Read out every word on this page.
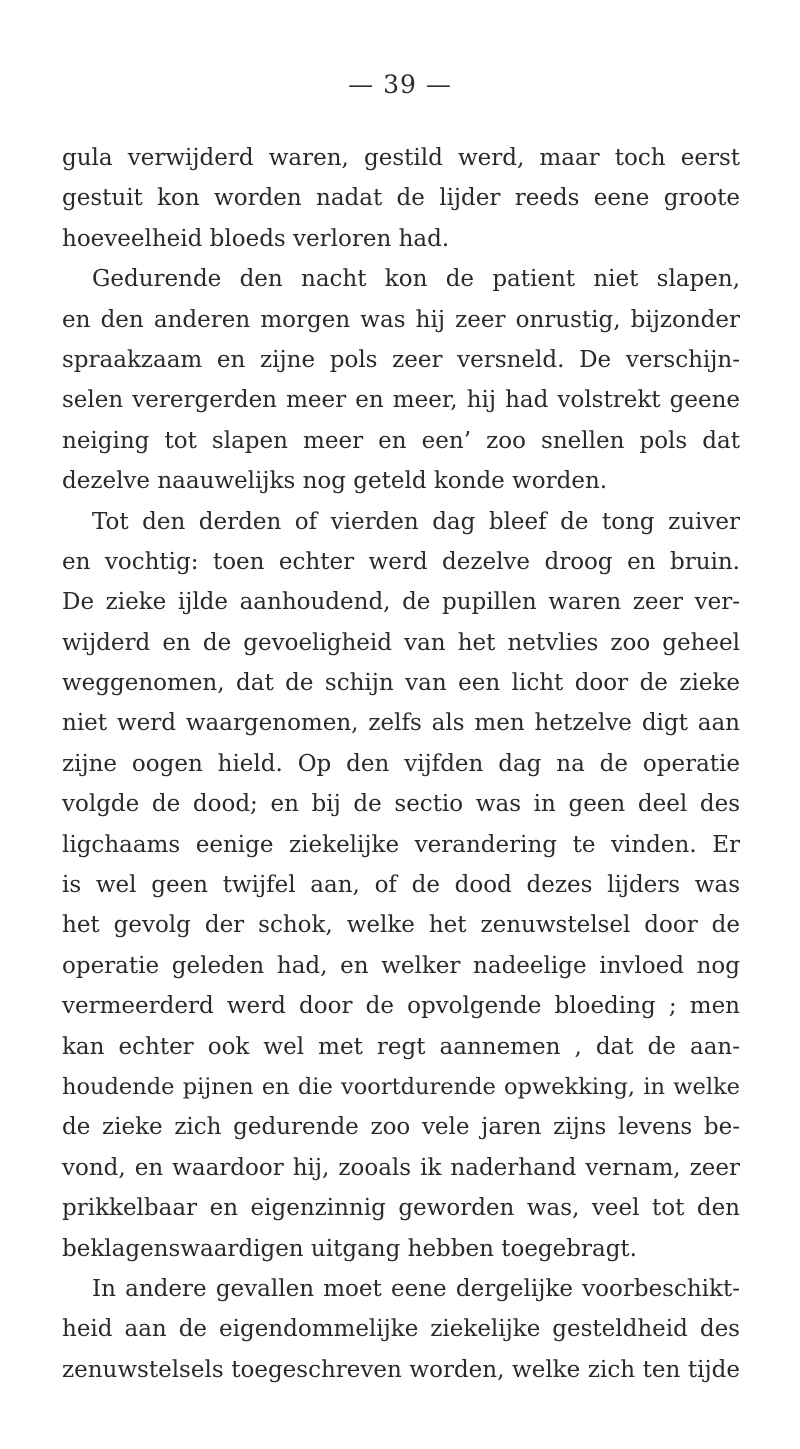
— 39 —
gula verwijderd waren, gestild werd, maar toch eerst
gestuit kon worden nadat de lijder reeds eene groote
hoeveelheid bloeds verloren had.
Gedurende den nacht kon de patient niet slapen,
en den anderen morgen was hij zeer onrustig, bijzonder
spraakzaam en zijne pols zeer versneld. De verschijn-
selen verergerden meer en meer, hij had volstrekt geene
neiging tot slapen meer en een’ zoo snellen pols dat
dezelve naauwelijks nog geteld konde worden.
Tot den derden of vierden dag bleef de tong zuiver
en vochtig: toen echter werd dezelve droog en bruin.
De zieke ijlde aanhoudend, de pupillen waren zeer ver-
wijderd en de gevoeligheid van het netvlies zoo geheel
weggenomen, dat de schijn van een licht door de zieke
niet werd waargenomen, zelfs als men hetzelve digt aan
zijne oogen hield. Op den vijfden dag na de operatie
volgde de dood; en bij de sectio was in geen deel des
ligchaams eenige ziekelijke verandering te vinden. Er
is wel geen twijfel aan, of de dood dezes lijders was
het gevolg der schok, welke het zenuwstelsel door de
operatie geleden had, en welker nadeelige invloed nog
vermeerderd werd door de opvolgende bloeding ; men
kan echter ook wel met regt aannemen , dat de aan-
houdende pijnen en die voortdurende opwekking, in welke
de zieke zich gedurende zoo vele jaren zijns levens be-
vond, en waardoor hij, zooals ik naderhand vernam, zeer
prikkelbaar en eigenzinnig geworden was, veel tot den
beklagenswaardigen uitgang hebben toegebragt.
In andere gevallen moet eene dergelijke voorbeschikt-
heid aan de eigendommelijke ziekelijke gesteldheid des
zenuwstelsels toegeschreven worden, welke zich ten tijde
